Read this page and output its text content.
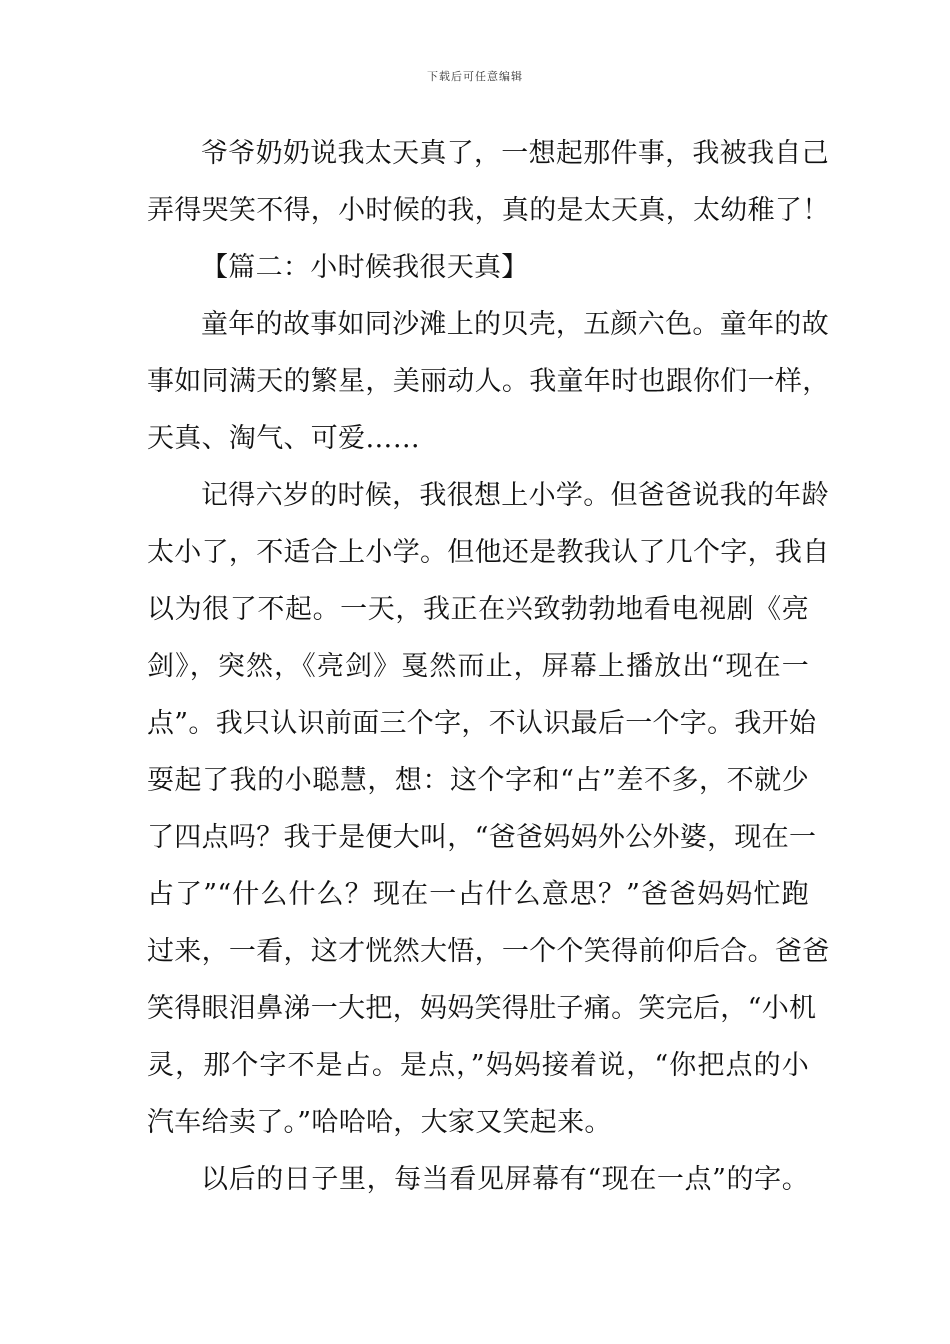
下载后可任意编辑
爷爷奶奶说我太天真了，一想起那件事，我被我自己
弄得哭笑不得，小时候的我，真的是太天真，太幼稚了！
【篇二：小时候我很天真】
童年的故事如同沙滩上的贝壳，五颜六色。童年的故
事如同满天的繁星，美丽动人。我童年时也跟你们一样，
天真、淘气、可爱……
记得六岁的时候，我很想上小学。但爸爸说我的年龄
太小了，不适合上小学。但他还是教我认了几个字，我自
以为很了不起。一天，我正在兴致勃勃地看电视剧《亮
剑》，突然，《亮剑》戛然而止，屏幕上播放出“现在一
点”。我只认识前面三个字，不认识最后一个字。我开始
耍起了我的小聪慧，想：这个字和“占”差不多，不就少
了四点吗？我于是便大叫，“爸爸妈妈外公外婆，现在一
占了”“什么什么？现在一占什么意思？”爸爸妈妈忙跑
过来，一看，这才恍然大悟，一个个笑得前仰后合。爸爸
笑得眼泪鼻涕一大把，妈妈笑得肚子痛。笑完后，“小机
灵，那个字不是占。是点，”妈妈接着说，“你把点的小
汽车给卖了。”哈哈哈，大家又笑起来。
以后的日子里，每当看见屏幕有“现在一点”的字。
